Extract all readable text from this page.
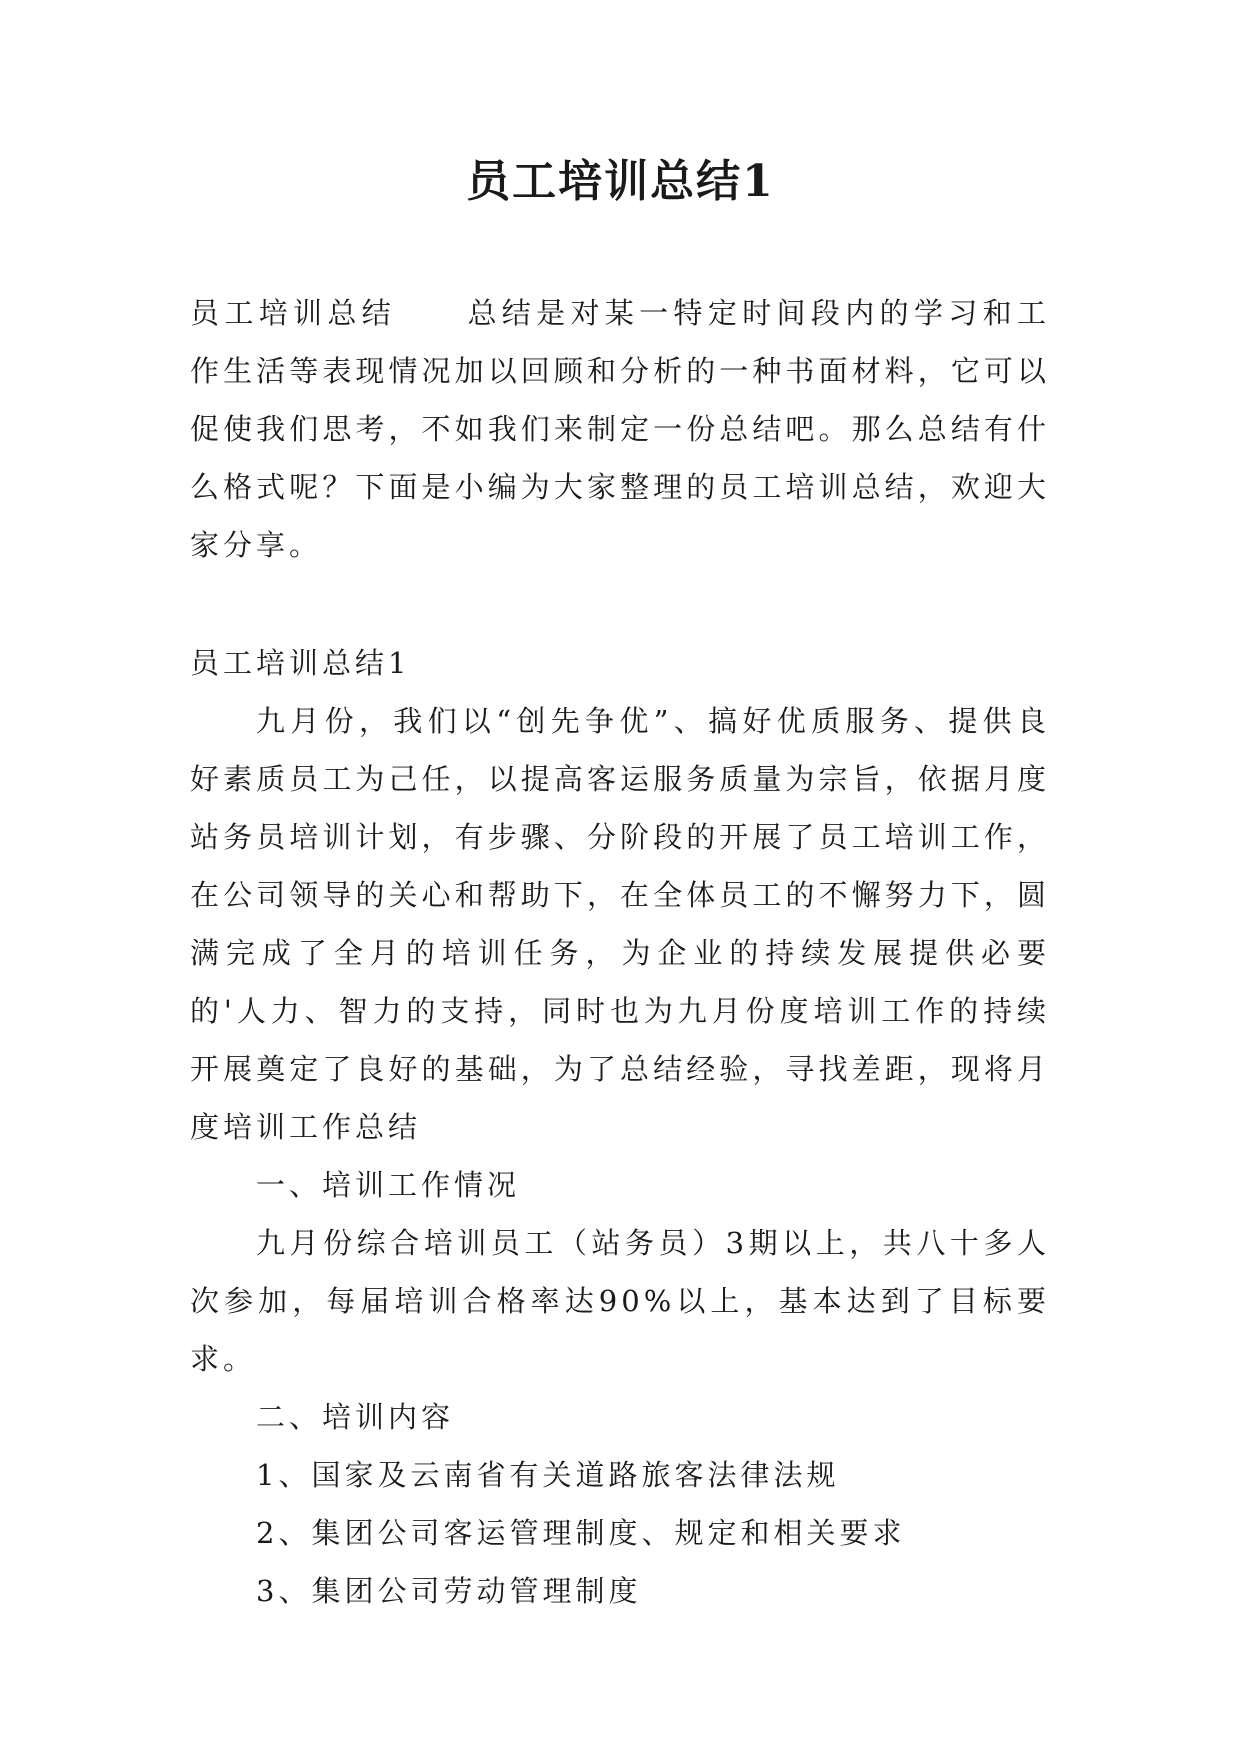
员工培训总结1

员工培训总结 总结是对某一特定时间段内的学习和工作生活等表现情况加以回顾和分析的一种书面材料，它可以促使我们思考，不如我们来制定一份总结吧。那么总结有什么格式呢？下面是小编为大家整理的员工培训总结，欢迎大家分享。

员工培训总结1

九月份，我们以“创先争优”、搞好优质服务、提供良好素质员工为己任，以提高客运服务质量为宗旨，依据月度站务员培训计划，有步骤、分阶段的开展了员工培训工作，在公司领导的关心和帮助下，在全体员工的不懈努力下，圆满完成了全月的培训任务，为企业的持续发展提供必要的'人力、智力的支持，同时也为九月份度培训工作的持续开展奠定了良好的基础，为了总结经验，寻找差距，现将月度培训工作总结

一、培训工作情况

九月份综合培训员工（站务员）3期以上，共八十多人次参加，每届培训合格率达90%以上，基本达到了目标要求。

二、培训内容

1、国家及云南省有关道路旅客法律法规

2、集团公司客运管理制度、规定和相关要求

3、集团公司劳动管理制度
